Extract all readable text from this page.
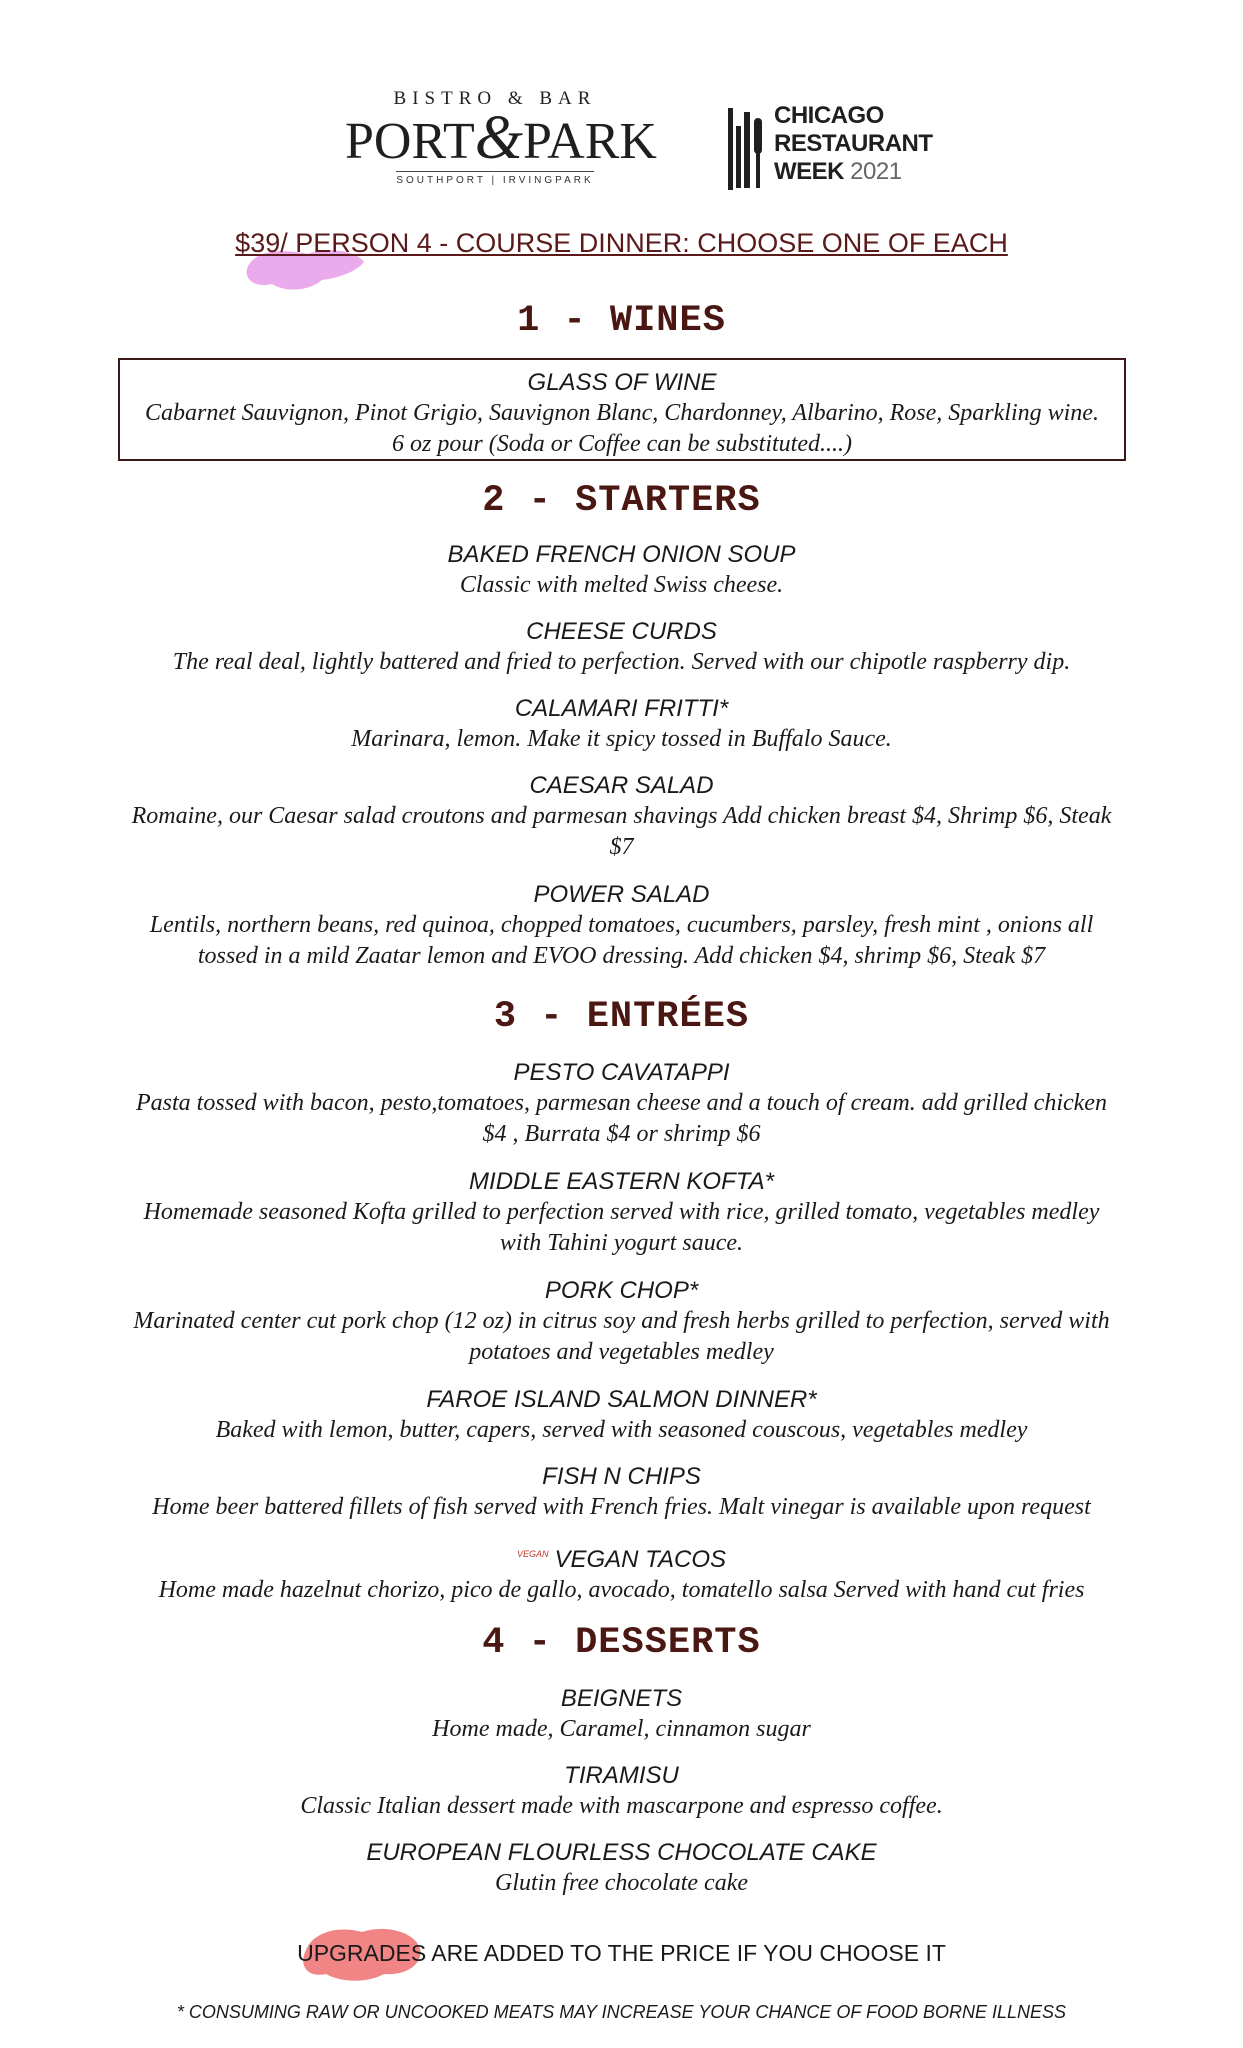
BISTRO & BAR
PORT&PARK
SOUTHPORT | IRVINGPARK
CHICAGO
RESTAURANT
WEEK 2021
$39/ PERSON 4 - COURSE DINNER: CHOOSE ONE OF EACH
1 - WINES
GLASS OF WINE
Cabarnet Sauvignon, Pinot Grigio, Sauvignon Blanc, Chardonney, Albarino, Rose, Sparkling wine. 6 oz pour (Soda or Coffee can be substituted....)
2 - STARTERS
BAKED FRENCH ONION SOUP
Classic with melted Swiss cheese.
CHEESE CURDS
The real deal, lightly battered and fried to perfection. Served with our chipotle raspberry dip.
CALAMARI FRITTI*
Marinara, lemon. Make it spicy tossed in Buffalo Sauce.
CAESAR SALAD
Romaine, our Caesar salad croutons and parmesan shavings Add chicken breast $4, Shrimp $6, Steak $7
POWER SALAD
Lentils, northern beans, red quinoa, chopped tomatoes, cucumbers, parsley, fresh mint , onions all tossed in a mild Zaatar lemon and EVOO dressing. Add chicken $4, shrimp $6, Steak $7
3 - ENTRÉES
PESTO CAVATAPPI
Pasta tossed with bacon, pesto,tomatoes, parmesan cheese and a touch of cream. add grilled chicken $4 , Burrata $4 or shrimp $6
MIDDLE EASTERN KOFTA*
Homemade seasoned Kofta grilled to perfection served with rice, grilled tomato, vegetables medley with Tahini yogurt sauce.
PORK CHOP*
Marinated center cut pork chop (12 oz) in citrus soy and fresh herbs grilled to perfection, served with potatoes and vegetables medley
FAROE ISLAND SALMON DINNER*
Baked with lemon, butter, capers, served with seasoned couscous, vegetables medley
FISH N CHIPS
Home beer battered fillets of fish served with French fries. Malt vinegar is available upon request
$^{VEGAN}$ VEGAN TACOS
Home made hazelnut chorizo, pico de gallo, avocado, tomatello salsa Served with hand cut fries
4 - DESSERTS
BEIGNETS
Home made, Caramel, cinnamon sugar
TIRAMISU
Classic Italian dessert made with mascarpone and espresso coffee.
EUROPEAN FLOURLESS CHOCOLATE CAKE
Glutin free chocolate cake
UPGRADES ARE ADDED TO THE PRICE IF YOU CHOOSE IT
* CONSUMING RAW OR UNCOOKED MEATS MAY INCREASE YOUR CHANCE OF FOOD BORNE ILLNESS
